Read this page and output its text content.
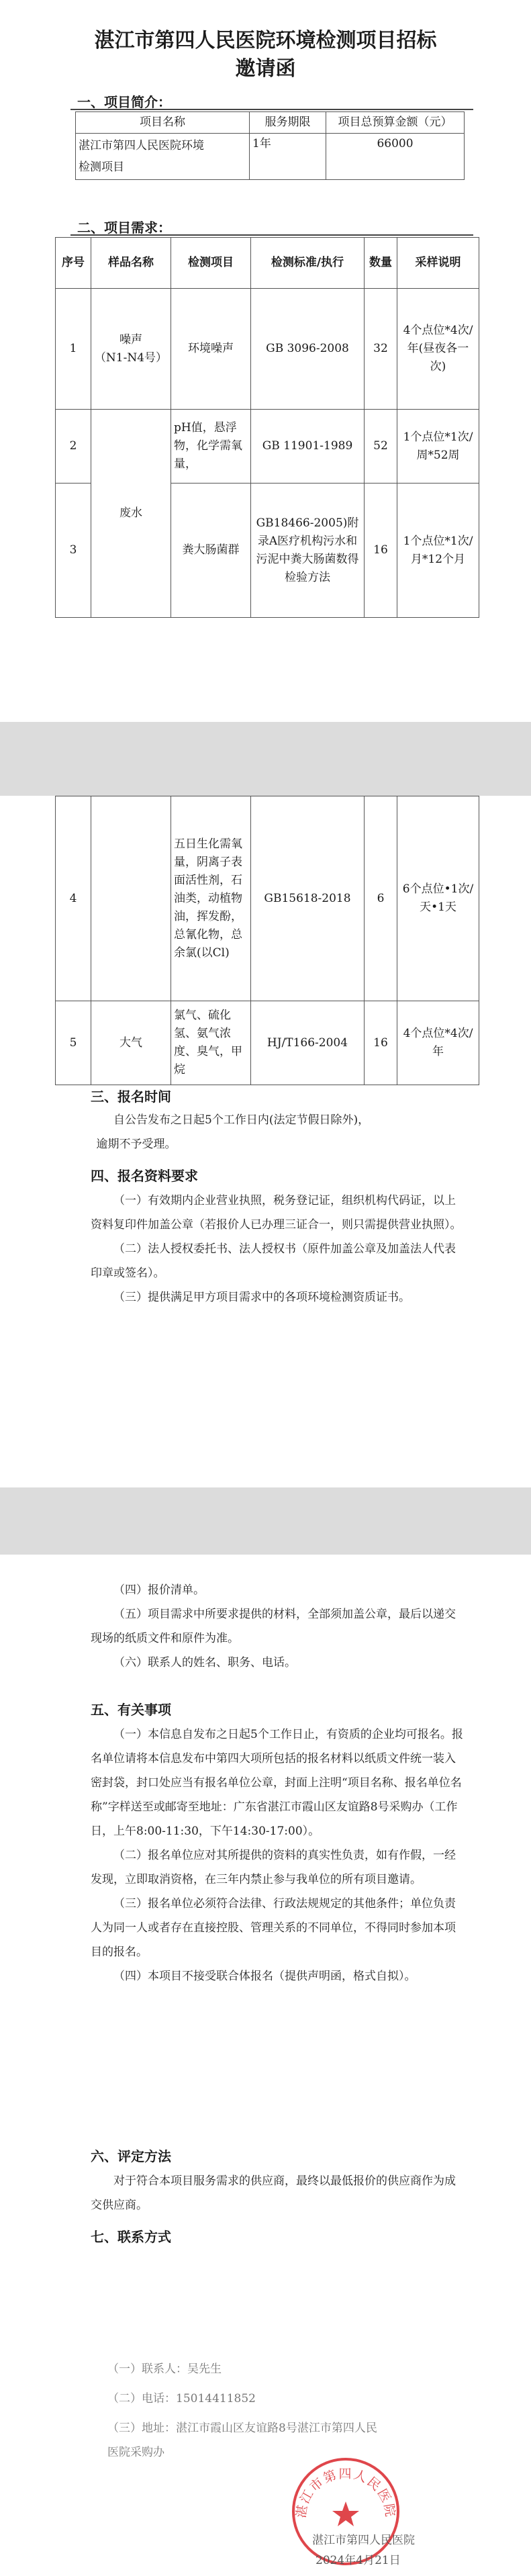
湛江市第四人民医院环境检测项目招标
邀请函
一、项目简介：
项目名称	服务期限	项目总预算金额（元）

湛江市第四人民医院环境
检测项目	1年	66000
二、项目需求：
序号	样品名称	检测项目	检测标准/执行	数量	采样说明
1	噪声
（N1-N4号）	环境噪声	GB 3096-2008	32	4个点位*4次/年(昼夜各一次)
2	废水	pH值，悬浮物，化学需氧量，	GB 11901-1989	52	1个点位*1次/周*52周
3		粪大肠菌群	GB18466-2005)附录A医疗机构污水和污泥中粪大肠菌数得检验方法	16	1个点位*1次/月*12个月
4		五日生化需氧量，阴离子表面活性剂，石油类，动植物油，挥发酚，总氰化物，总余氯(以Cl)	GB15618-2018	6	6个点位•1次/天•1天
5	大气	氯气、硫化氢、氨气浓度、臭气，甲烷	HJ/T166-2004	16	4个点位*4次/年
三、报名时间
自公告发布之日起5个工作日内(法定节假日除外)，
逾期不予受理。
四、报名资料要求
（一）有效期内企业营业执照，税务登记证，组织机构代码证，以上资料复印件加盖公章（若报价人已办理三证合一，则只需提供营业执照）。
（二）法人授权委托书、法人授权书（原件加盖公章及加盖法人代表印章或签名）。
（三）提供满足甲方项目需求中的各项环境检测资质证书。
（四）报价清单。
（五）项目需求中所要求提供的材料，全部须加盖公章，最后以递交现场的纸质文件和原件为准。
（六）联系人的姓名、职务、电话。
五、有关事项
（一）本信息自发布之日起5个工作日止，有资质的企业均可报名。报名单位请将本信息发布中第四大项所包括的报名材料以纸质文件统一装入密封袋，封口处应当有报名单位公章，封面上注明“项目名称、报名单位名称”字样送至或邮寄至地址：广东省湛江市霞山区友谊路8号采购办（工作日，上午8:00-11:30，下午14:30-17:00）。
（二）报名单位应对其所提供的资料的真实性负责，如有作假，一经发现，立即取消资格，在三年内禁止参与我单位的所有项目邀请。
（三）报名单位必须符合法律、行政法规规定的其他条件；单位负责人为同一人或者存在直接控股、管理关系的不同单位，不得同时参加本项目的报名。
（四）本项目不接受联合体报名（提供声明函，格式自拟）。
六、评定方法
对于符合本项目服务需求的供应商，最终以最低报价的供应商作为成交供应商。
七、联系方式
（一）联系人：吴先生
（二）电话：15014411852
（三）地址：湛江市霞山区友谊路8号湛江市第四人民
医院采购办
湛江市第四人民医院
湛江市第四人民医院
2024年4月21日
